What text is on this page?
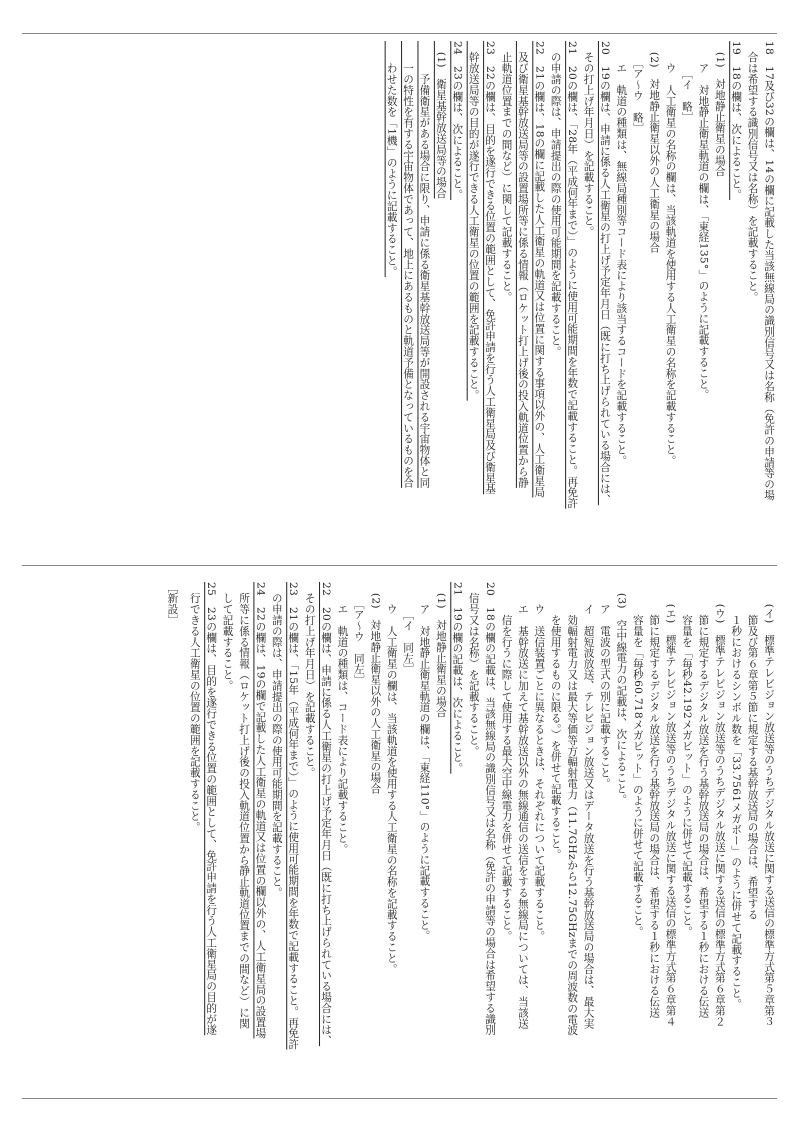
18　17及び32の欄は、14の欄に記載した当該無線局の識別信号又は名称（免許の申請等の場
　合は希望する識別信号又は名称）を記載すること。
19　18の欄は、次によること。
　(1)　対地静止衛星の場合
　　ア　対地静止衛星軌道の欄は、「東経135°」のように記載すること。
　　　［イ　略］
　　ウ　人工衛星の名称の欄は、当該軌道を使用する人工衛星の名称を記載すること。
　(2)　対地静止衛星以外の人工衛星の場合
　　［ア～ウ　略］
　　エ　軌道の種類は、無線局種別等コード表により該当するコードを記載すること。
20　19の欄は、申請に係る人工衛星の打上げ予定年月日（既に打ち上げられている場合には、
　その打上げ年月日）を記載すること。
21　20の欄は、「28年（平成何年まで）」のように使用可能期間を年数で記載すること。再免許
　の申請の際は、申請提出の際の使用可能期間を記載すること。
22　21の欄は、18の欄に記載した人工衛星の軌道又は位置に関する事項以外の、人工衛星局
　及び衛星基幹放送局等の設置場所等に係る情報（ロケット打上げ後の投入軌道位置から静
　止軌道位置までの間など）に関して記載すること。
23　22の欄は、目的を遂行できる位置の範囲として、免許申請を行う人工衛星局及び衛星基
　幹放送局等の目的が遂行できる人工衛星の位置の範囲を記載すること。
24　23の欄は、次によること。
　(1)　衛星基幹放送局等の場合
　　　予備衛星がある場合に限り、申請に係る衛星基幹放送局等が開設される宇宙物体と同
　　一の特性を有する宇宙物体であって、地上にあるものと軌道予備となっているものを合
　　わせた数を「1機」のように記載すること。
　　(イ)　標準テレビジョン放送等のうちデジタル放送に関する送信の標準方式第５章第３
　　　節及び第６章第５節に規定する基幹放送局の場合は、希望する
　　　１秒におけるシンボル数を「33.7561メガボー」のように併せて記載すること。
　　(ウ)　標準テレビジョン放送等のうちデジタル放送に関する送信の標準方式第６章第２
　　　節に規定するデジタル放送を行う基幹放送局の場合は、希望する１秒における伝送
　　　容量を「毎秒42.192メガビット」のように併せて記載すること。
　　(エ)　標準テレビジョン放送等のうちデジタル放送に関する送信の標準方式第６章第４
　　　節に規定するデジタル放送を行う基幹放送局の場合は、希望する１秒における伝送
　　　容量を「毎秒60.718メガビット」のように併せて記載すること。
　(3)　空中線電力の記載は、次によること。
　　ア　電波の型式の別に記載すること。
　　イ　超短波放送、テレビジョン放送又はデータ放送を行う基幹放送局の場合は、最大実
　　　効輻射電力又は最大等価等方輻射電力（11.7GHzから12.75GHzまでの周波数の電波
　　　を使用するものに限る。）を併せて記載すること。
　　ウ　送信装置ごとに異なるときは、それぞれについて記載すること。
　　エ　基幹放送に加えて基幹放送以外の無線通信の送信をする無線局については、当該送
　　　信を行うに際して使用する最大空中線電力を併せて記載すること。
20　18の欄の記載は、当該無線局の識別信号又は名称（免許の申請等の場合は希望する識別
　信号又は名称）を記載すること。
21　19の欄の記載は、次によること。
　(1)　対地静止衛星の場合
　　ア　対地静止衛星軌道の欄は、「東経110°」のように記載すること。
　　　［イ　同左］
　　ウ　人工衛星の欄は、当該軌道を使用する人工衛星の名称を記載すること。
　(2)　対地静止衛星以外の人工衛星の場合
　　［ア～ウ　同左］
　　エ　軌道の種類は、コード表により記載すること。
22　20の欄は、申請に係る人工衛星の打上げ予定年月日（既に打ち上げられている場合には、
　その打上げ年月日）を記載すること。
23　21の欄は、「15年（平成何年まで）」のように使用可能期間を年数で記載すること。再免許
　の申請の際は、申請提出の際の使用可能期間を記載すること。
24　22の欄は、19の欄で記載した人工衛星の軌道又は位置の欄以外の、人工衛星局の設置場
　所等に係る情報（ロケット打上げ後の投入軌道位置から静止軌道位置までの間など）に関
　して記載すること。
25　23の欄は、目的を遂行できる位置の範囲として、免許申請を行う人工衛星局の目的が遂
　行できる人工衛星の位置の範囲を記載すること。
［新設］
